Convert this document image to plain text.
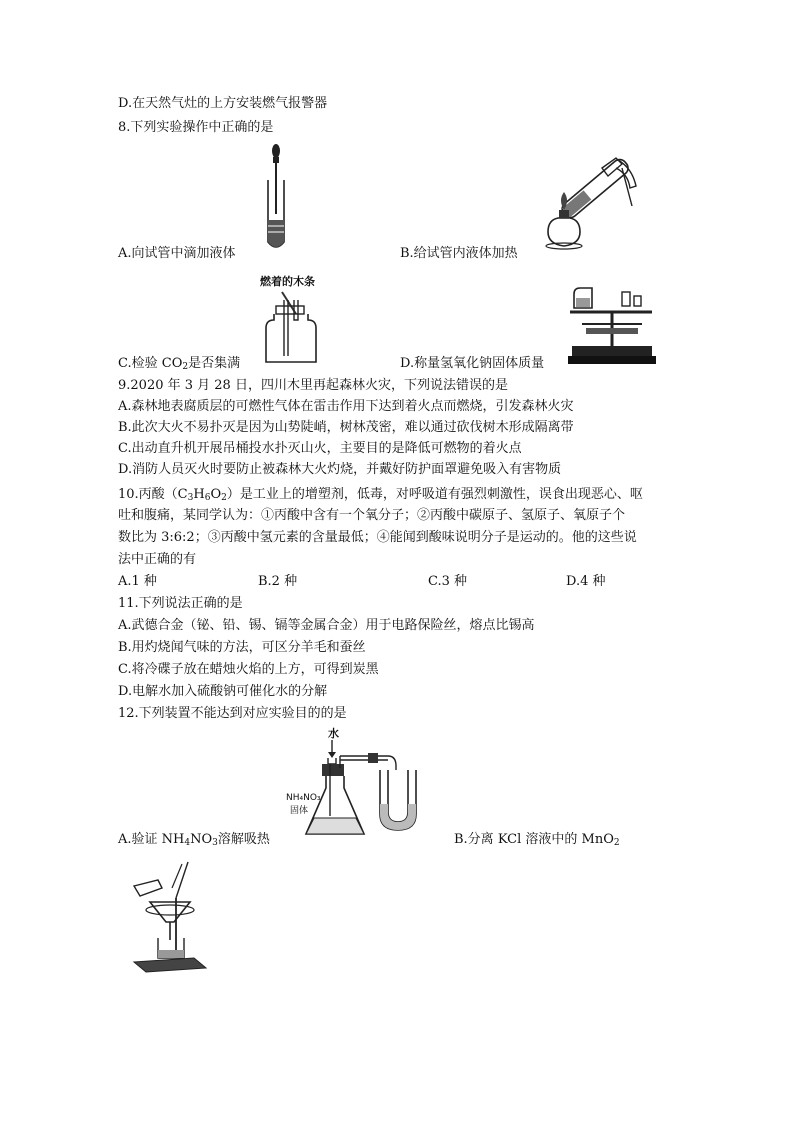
D.在天然气灶的上方安装燃气报警器
8.下列实验操作中正确的是
A.向试管中滴加液体	B.给试管内液体加热
燃着的木条
C.检验 $CO_2$是否集满	D.称量氢氧化钠固体质量
9.2020 年 3 月 28 日，四川木里再起森林火灾，下列说法错误的是
A.森林地表腐质层的可燃性气体在雷击作用下达到着火点而燃烧，引发森林火灾
B.此次大火不易扑灭是因为山势陡峭，树林茂密，难以通过砍伐树木形成隔离带
C.出动直升机开展吊桶投水扑灭山火，主要目的是降低可燃物的着火点
D.消防人员灭火时要防止被森林大火灼烧，并戴好防护面罩避免吸入有害物质
10.丙酸$(C_3H_6O_2)$是工业上的增塑剂，低毒，对呼吸道有强烈刺激性，误食出现恶心、呕
吐和腹痛，某同学认为：①丙酸中含有一个氧分子；②丙酸中碳原子、氢原子、氧原子个
数比为 3:6:2；③丙酸中氢元素的含量最低；④能闻到酸味说明分子是运动的。他的这些说
法中正确的有
A.1 种	B.2 种	C.3 种	D.4 种
11.下列说法正确的是
A.武德合金（铋、铅、锡、镉等金属合金）用于电路保险丝，熔点比锡高
B.用灼烧闻气味的方法，可区分羊毛和蚕丝
C.将冷碟子放在蜡烛火焰的上方，可得到炭黑
D.电解水加入硫酸钠可催化水的分解
12.下列装置不能达到对应实验目的的是
水
NH₄NO₃
固体
A.验证 $NH_4NO_3$溶解吸热	B.分离 KCl 溶液中的 MnO$_2$
